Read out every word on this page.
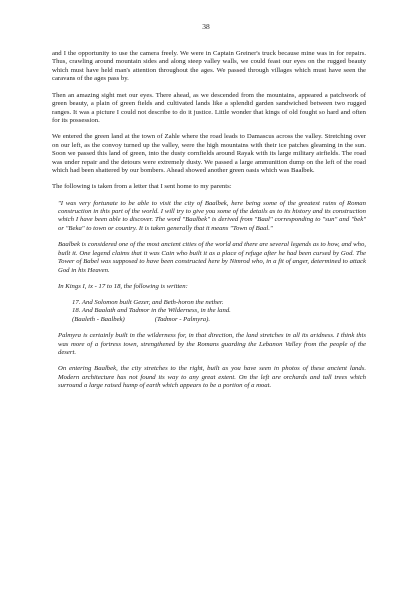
38

and I the opportunity to use the camera freely. We were in Captain Greiner's truck because mine was in for repairs. Thus, crawling around mountain sides and along steep valley walls, we could feast our eyes on the rugged beauty which must have held man's attention throughout the ages. We passed through villages which must have seen the caravans of the ages pass by.

Then an amazing sight met our eyes. There ahead, as we descended from the mountains, appeared a patchwork of green beauty, a plain of green fields and cultivated lands like a splendid garden sandwiched between two rugged ranges. It was a picture I could not describe to do it justice. Little wonder that kings of old fought so hard and often for its possession.

We entered the green land at the town of Zahle where the road leads to Damascus across the valley. Stretching over on our left, as the convoy turned up the valley, were the high mountains with their ice patches gleaming in the sun. Soon we passed this land of green, into the dusty cornfields around Rayak with its large military airfields. The road was under repair and the detours were extremely dusty. We passed a large ammunition dump on the left of the road which had been shattered by our bombers. Ahead showed another green oasis which was Baalbek.

The following is taken from a letter that I sent home to my parents:

"I was very fortunate to be able to visit the city of Baalbek, here being some of the greatest ruins of Roman construction in this part of the world. I will try to give you some of the details as to its history and its construction which I have been able to discover. The word "Baalbek" is derived from "Baal" corresponding to "sun" and "bek" or "Beka" to town or country. It is taken generally that it means "Town of Baal."

Baalbek is considered one of the most ancient cities of the world and there are several legends as to how, and who, built it. One legend claims that it was Cain who built it as a place of refuge after he had been cursed by God. The Tower of Babel was supposed to have been constructed here by Nimrod who, in a fit of anger, determined to attack God in his Heaven.

In Kings I, ix - 17 to 18, the following is written:

17. And Solomon built Gezer, and Beth-horon the nether.
18. And Baalath and Tadmor in the Wilderness, in the land.
(Baaleth - Baalbek)	(Tadmor - Palmyra).

Palmyra is certainly built in the wilderness for, in that direction, the land stretches in all its aridness. I think this was more of a fortress town, strengthened by the Romans guarding the Lebanon Valley from the people of the desert.

On entering Baalbek, the city stretches to the right, built as you have seen in photos of these ancient lands. Modern architecture has not found its way to any great extent. On the left are orchards and tall trees which surround a large raised hump of earth which appears to be a portion of a moat.
